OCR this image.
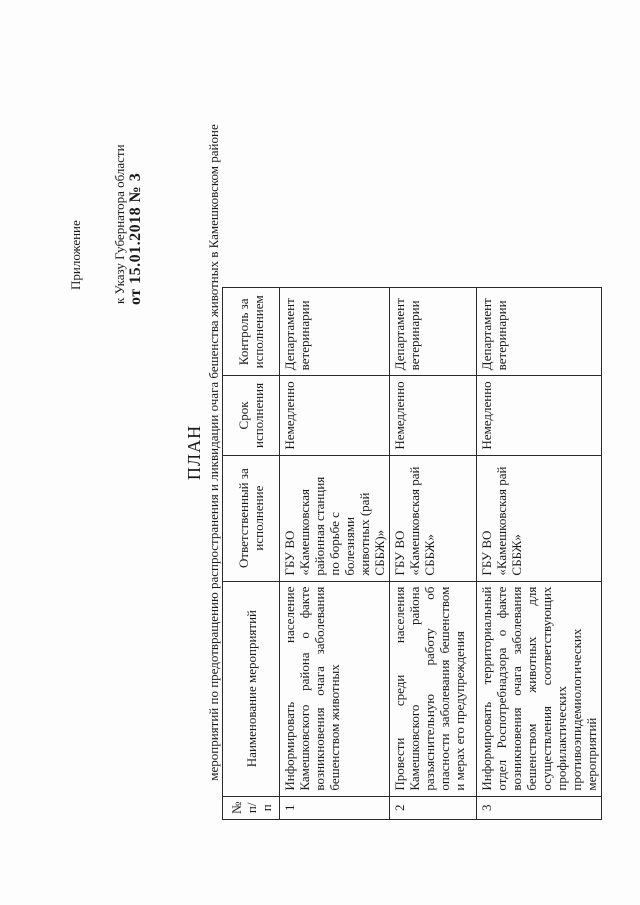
Приложение к Указу Губернатора области от 15.01.2018 № 3
ПЛАН мероприятий по предотвращению распространения и ликвидации очага бешенства животных в Камешковском районе
№ п/п	Наименование мероприятий	Ответственный за исполнение	Срок исполнения	Контроль за исполнением
1	Информировать население Камешковского района о факте возникновения очага заболевания бешенством животных	ГБУ ВО «Камешковская районная станция по борьбе с болезнями животных (рай СББЖ)»	Немедленно	Департамент ветеринарии
2	Провести среди населения Камешковского района разъяснительную работу об опасности заболевания бешенством и мерах его предупреждения	ГБУ ВО «Камешковская рай СББЖ»	Немедленно	Департамент ветеринарии
3	Информировать территориальный отдел Роспотребнадзора о факте возникновения очага заболевания бешенством животных для осуществления соответствующих профилактических противоэпидемиологических мероприятий	ГБУ ВО «Камешковская рай СББЖ»	Немедленно	Департамент ветеринарии
